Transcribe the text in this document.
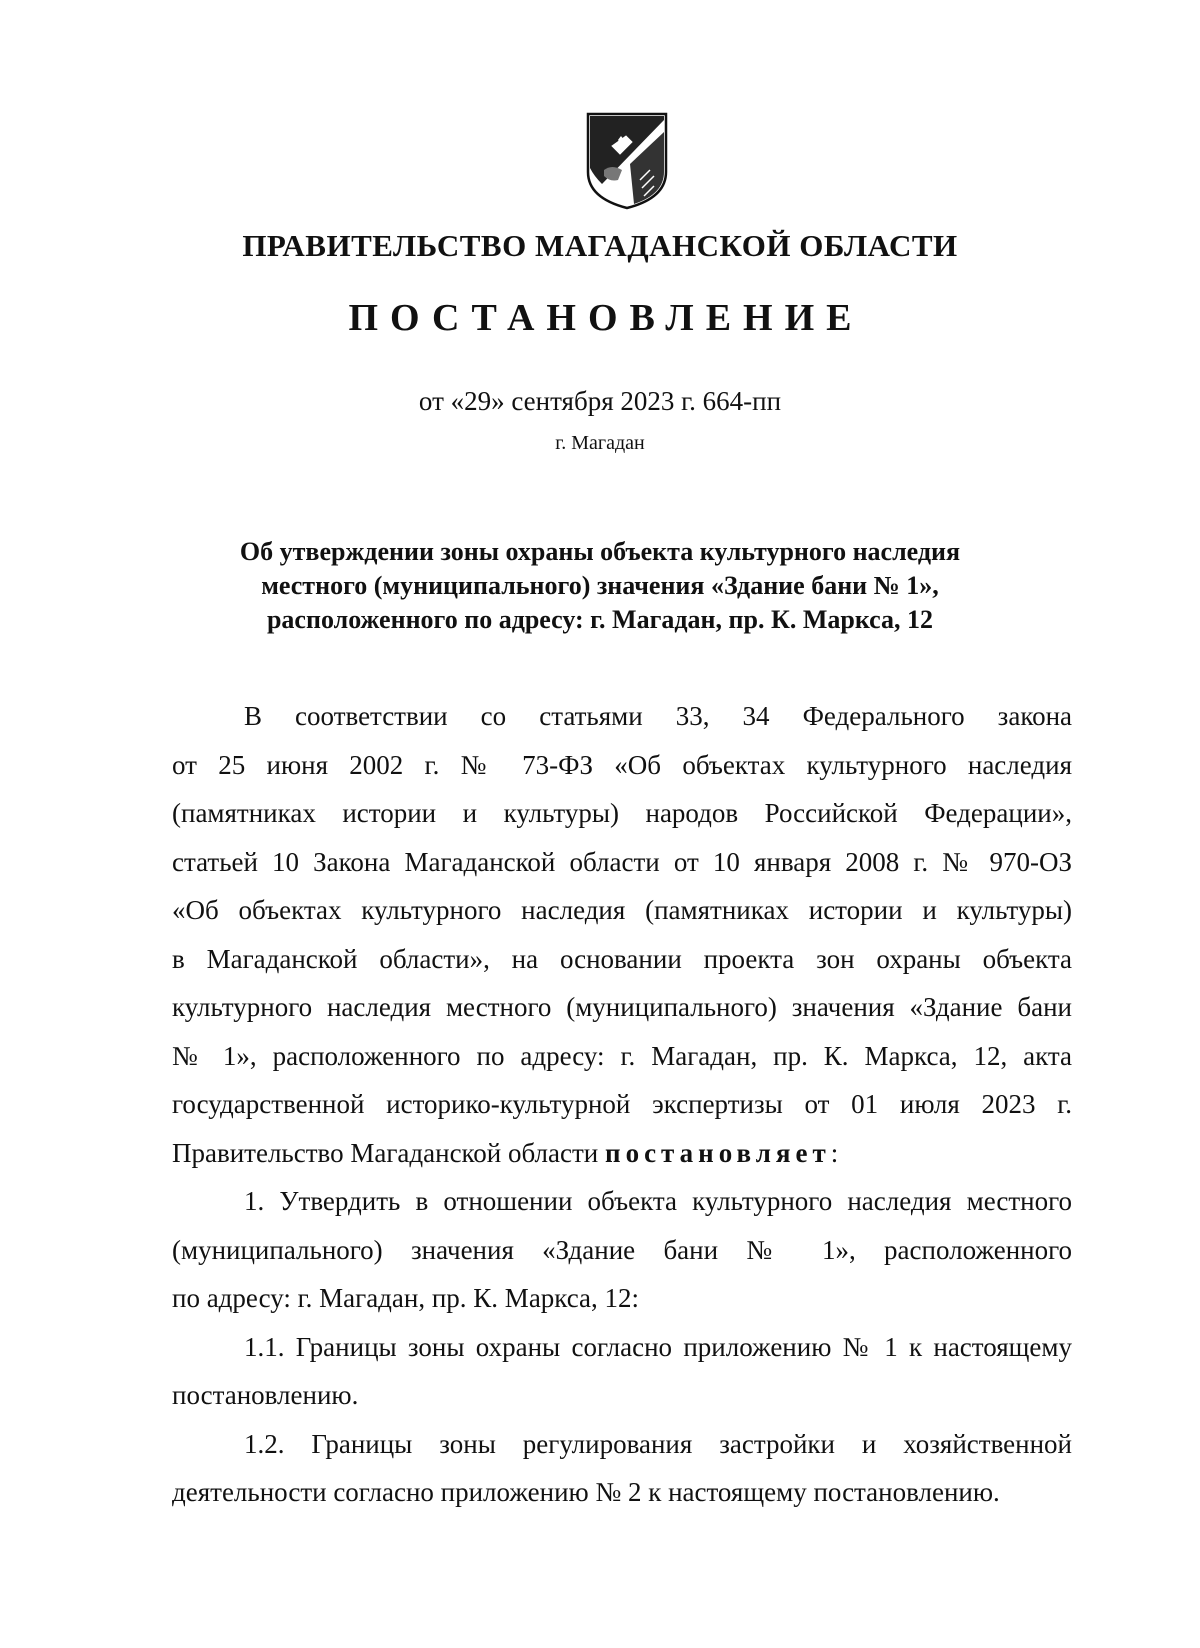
ПРАВИТЕЛЬСТВО МАГАДАНСКОЙ ОБЛАСТИ
ПОСТАНОВЛЕНИЕ
от «29» сентября 2023 г. 664-пп
г. Магадан
Об утверждении зоны охраны объекта культурного наследия
местного (муниципального) значения «Здание бани № 1»,
расположенного по адресу: г. Магадан, пр. К. Маркса, 12

В соответствии со статьями 33, 34 Федерального закона
от 25 июня 2002 г. № 73-ФЗ «Об объектах культурного наследия
(памятниках истории и культуры) народов Российской Федерации»,
статьей 10 Закона Магаданской области от 10 января 2008 г. № 970-ОЗ
«Об объектах культурного наследия (памятниках истории и культуры)
в Магаданской области», на основании проекта зон охраны объекта
культурного наследия местного (муниципального) значения «Здание бани
№ 1», расположенного по адресу: г. Магадан, пр. К. Маркса, 12, акта
государственной историко-культурной экспертизы от 01 июля 2023 г.
Правительство Магаданской области постановляет:

1. Утвердить в отношении объекта культурного наследия местного
(муниципального) значения «Здание бани № 1», расположенного
по адресу: г. Магадан, пр. К. Маркса, 12:

1.1. Границы зоны охраны согласно приложению № 1 к настоящему
постановлению.

1.2. Границы зоны регулирования застройки и хозяйственной
деятельности согласно приложению № 2 к настоящему постановлению.
